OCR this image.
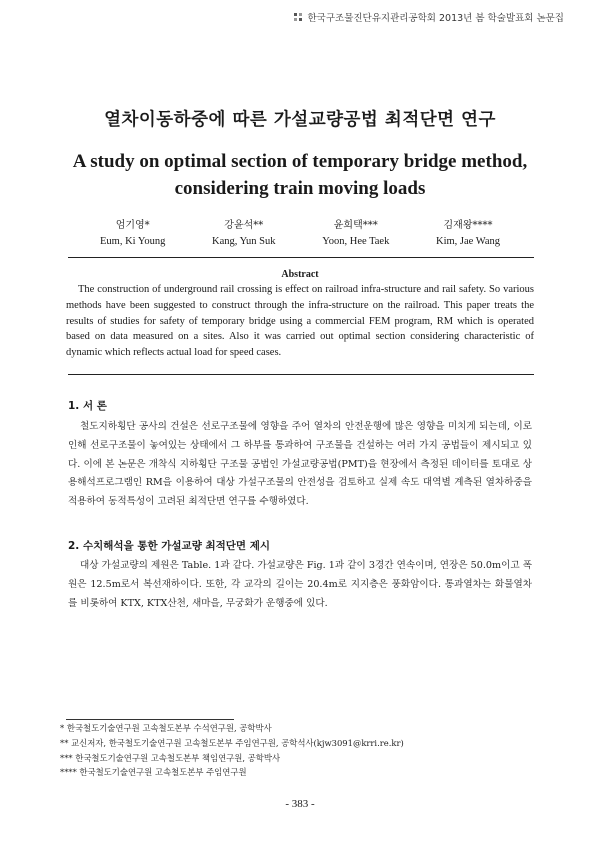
한국구조물진단유지관리공학회 2013년 봄 학술발표회 논문집
열차이동하중에 따른 가설교량공법 최적단면 연구
A study on optimal section of temporary bridge method,
considering train moving loads
엄기영*
Eum, Ki Young
강윤석**
Kang, Yun Suk
윤희택***
Yoon, Hee Taek
김재왕****
Kim, Jae Wang
Abstract

The construction of underground rail crossing is effect on railroad infra-structure and rail safety. So various methods have been suggested to construct through the infra-structure on the railroad. This paper treats the results of studies for safety of temporary bridge using a commercial FEM program, RM which is operated based on data measured on a sites. Also it was carried out optimal section considering characteristic of dynamic which reflects actual load for speed cases.

1. 서 론

철도지하횡단 공사의 건설은 선로구조물에 영향을 주어 열차의 안전운행에 많은 영향을 미치게 되는데, 이로 인해 선로구조물이 놓여있는 상태에서 그 하부를 통과하여 구조물을 건설하는 여러 가지 공법들이 제시되고 있다. 이에 본 논문은 개착식 지하횡단 구조물 공법인 가설교량공법(PMT)을 현장에서 측정된 데이터를 토대로 상용해석프로그램인 RM을 이용하여 대상 가설구조물의 안전성을 검토하고 실제 속도 대역별 계측된 열차하중을 적용하여 동적특성이 고려된 최적단면 연구를 수행하였다.

2. 수치해석을 통한 가설교량 최적단면 제시

대상 가설교량의 제원은 Table. 1과 같다. 가설교량은 Fig. 1과 같이 3경간 연속이며, 연장은 50.0m이고 폭원은 12.5m로서 복선재하이다. 또한, 각 교각의 길이는 20.4m로 지지층은 풍화암이다. 통과열차는 화물열차를 비롯하여 KTX, KTX산천, 새마을, 무궁화가 운행중에 있다.

* 한국철도기술연구원 고속철도본부 수석연구원, 공학박사
** 교신저자, 한국철도기술연구원 고속철도본부 주임연구원, 공학석사(kjw3091@krri.re.kr)
*** 한국철도기술연구원 고속철도본부 책임연구원, 공학박사
**** 한국철도기술연구원 고속철도본부 주임연구원
- 383 -
